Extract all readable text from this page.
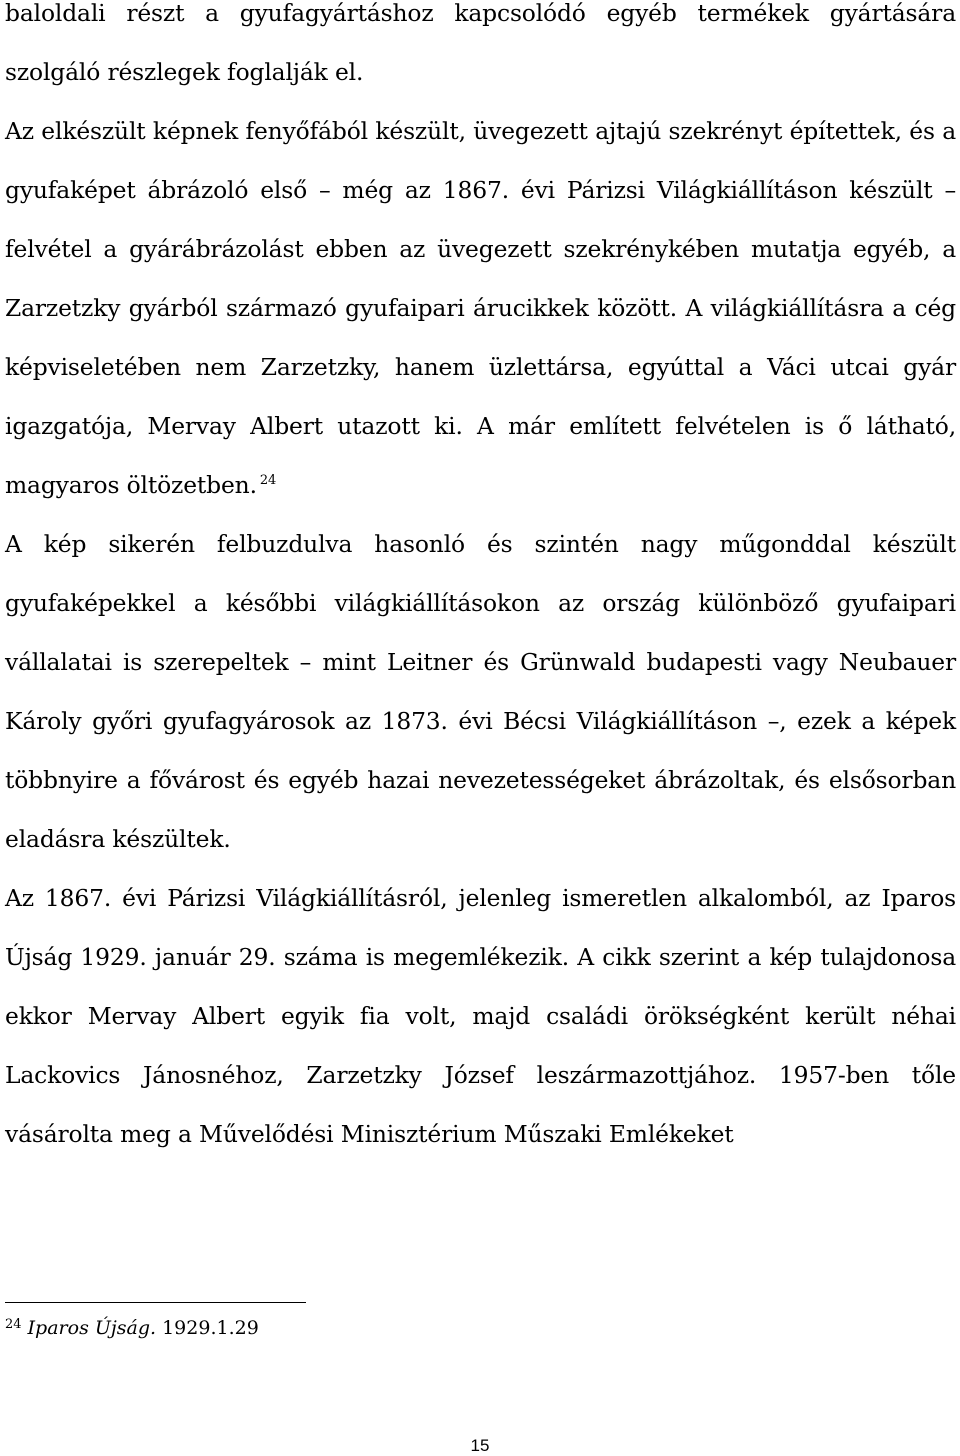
baloldali részt a gyufagyártáshoz kapcsolódó egyéb termékek gyártására szolgáló részlegek foglalják el.

Az elkészült képnek fenyőfából készült, üvegezett ajtajú szekrényt építettek, és a gyufaképet ábrázoló első – még az 1867. évi Párizsi Világkiállításon készült – felvétel a gyárábrázolást ebben az üvegezett szekrénykében mutatja egyéb, a Zarzetzky gyárból származó gyufaipari árucikkek között. A világkiállításra a cég képviseletében nem Zarzetzky, hanem üzlettársa, egyúttal a Váci utcai gyár igazgatója, Mervay Albert utazott ki. A már említett felvételen is ő látható, magyaros öltözetben. $^{24}$

A kép sikerén felbuzdulva hasonló és szintén nagy műgonddal készült gyufaképekkel a későbbi világkiállításokon az ország különböző gyufaipari vállalatai is szerepeltek – mint Leitner és Grünwald budapesti vagy Neubauer Károly győri gyufagyárosok az 1873. évi Bécsi Világkiállításon –, ezek a képek többnyire a fővárost és egyéb hazai nevezetességeket ábrázoltak, és elsősorban eladásra készültek.

Az 1867. évi Párizsi Világkiállításról, jelenleg ismeretlen alkalomból, az Iparos Újság 1929. január 29. száma is megemlékezik. A cikk szerint a kép tulajdonosa ekkor Mervay Albert egyik fia volt, majd családi örökségként került néhai Lackovics Jánosnéhoz, Zarzetzky József leszármazottjához. 1957-ben tőle vásárolta meg a Művelődési Minisztérium Műszaki Emlékeket

$^{24}$ Iparos Újság. 1929.1.29
15
